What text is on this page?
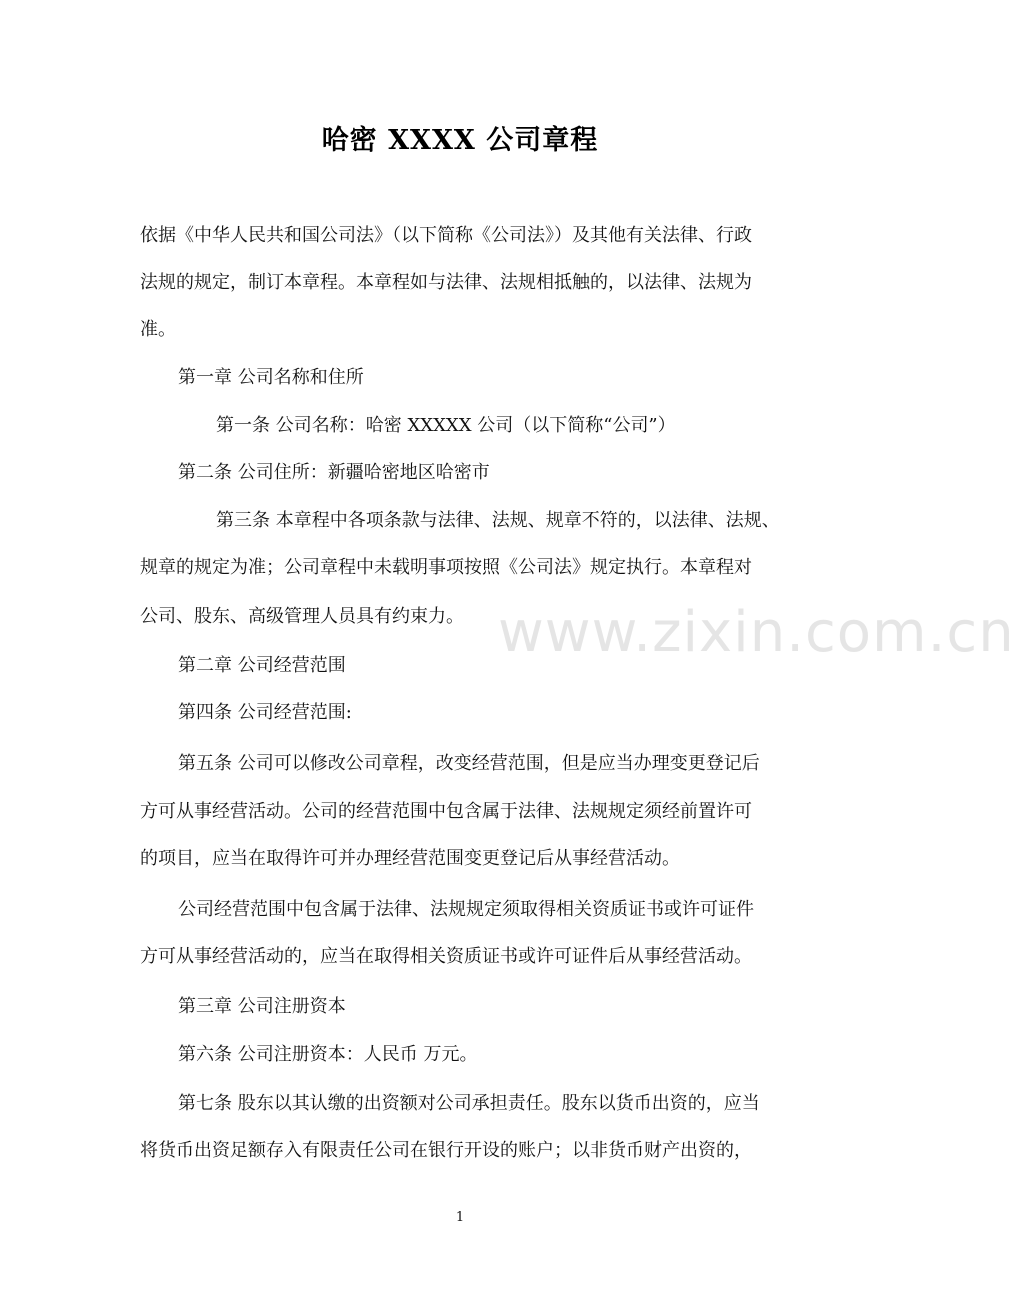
哈密 XXXX 公司章程
依据《中华人民共和国公司法》（以下简称《公司法》）及其他有关法律、行政
法规的规定，制订本章程。本章程如与法律、法规相抵触的，以法律、法规为
准。
第一章 公司名称和住所
第一条 公司名称：哈密 XXXXX 公司（以下简称“公司”）
第二条 公司住所：新疆哈密地区哈密市
第三条 本章程中各项条款与法律、法规、规章不符的，以法律、法规、
规章的规定为准；公司章程中未载明事项按照《公司法》规定执行。本章程对
公司、股东、高级管理人员具有约束力。
第二章 公司经营范围
第四条 公司经营范围:
第五条 公司可以修改公司章程，改变经营范围，但是应当办理变更登记后
方可从事经营活动。公司的经营范围中包含属于法律、法规规定须经前置许可
的项目，应当在取得许可并办理经营范围变更登记后从事经营活动。
公司经营范围中包含属于法律、法规规定须取得相关资质证书或许可证件
方可从事经营活动的，应当在取得相关资质证书或许可证件后从事经营活动。
第三章 公司注册资本
第六条 公司注册资本：人民币 万元。
第七条 股东以其认缴的出资额对公司承担责任。股东以货币出资的，应当
将货币出资足额存入有限责任公司在银行开设的账户；以非货币财产出资的，
www.zixin.com.cn
1
